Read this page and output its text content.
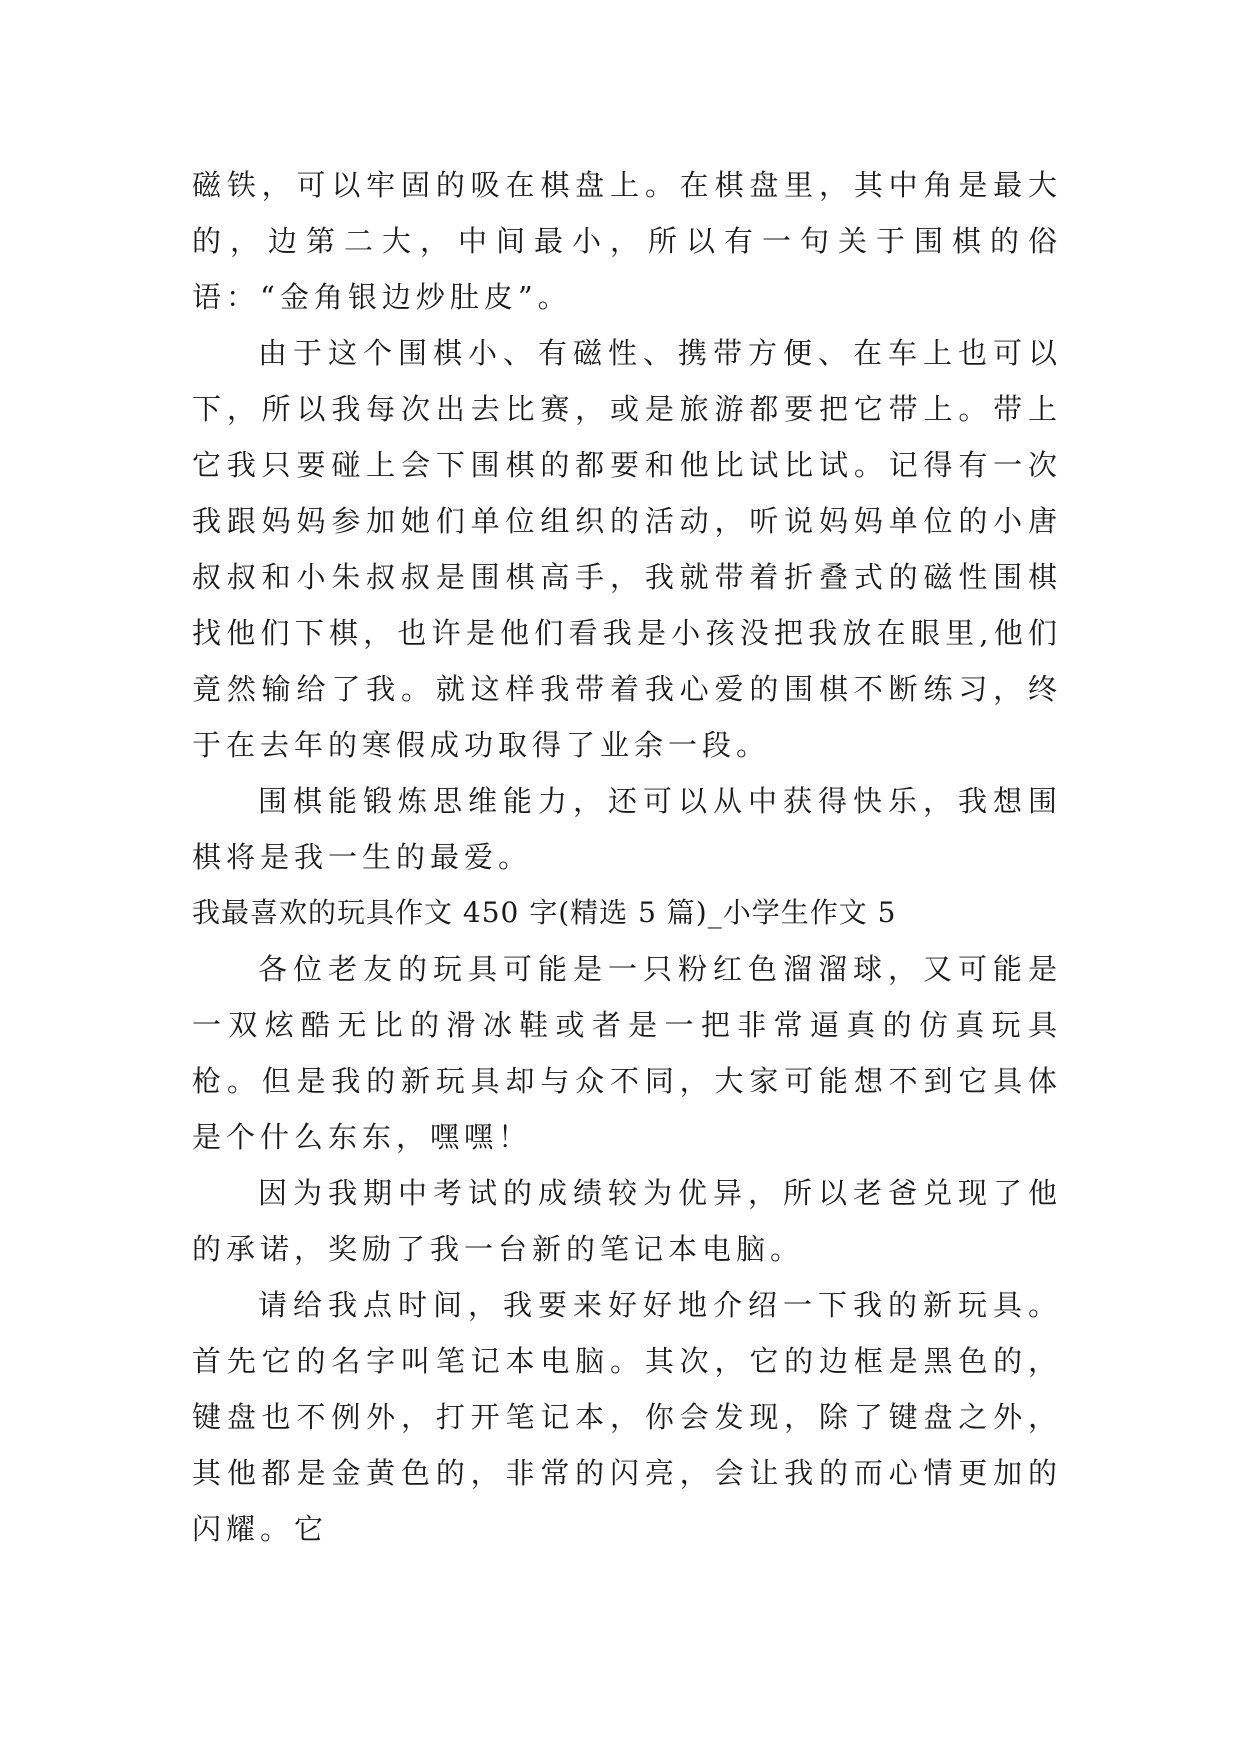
磁铁，可以牢固的吸在棋盘上。在棋盘里，其中角是最大的，边第二大，中间最小，所以有一句关于围棋的俗语：“金角银边炒肚皮”。

由于这个围棋小、有磁性、携带方便、在车上也可以下，所以我每次出去比赛，或是旅游都要把它带上。带上它我只要碰上会下围棋的都要和他比试比试。记得有一次我跟妈妈参加她们单位组织的活动，听说妈妈单位的小唐叔叔和小朱叔叔是围棋高手，我就带着折叠式的磁性围棋找他们下棋，也许是他们看我是小孩没把我放在眼里,他们竟然输给了我。就这样我带着我心爱的围棋不断练习，终于在去年的寒假成功取得了业余一段。

围棋能锻炼思维能力，还可以从中获得快乐，我想围棋将是我一生的最爱。

我最喜欢的玩具作文 450 字(精选 5 篇)_小学生作文 5

各位老友的玩具可能是一只粉红色溜溜球，又可能是一双炫酷无比的滑冰鞋或者是一把非常逼真的仿真玩具枪。但是我的新玩具却与众不同，大家可能想不到它具体是个什么东东，嘿嘿！

因为我期中考试的成绩较为优异，所以老爸兑现了他的承诺，奖励了我一台新的笔记本电脑。

请给我点时间，我要来好好地介绍一下我的新玩具。首先它的名字叫笔记本电脑。其次，它的边框是黑色的，键盘也不例外，打开笔记本，你会发现，除了键盘之外，其他都是金黄色的，非常的闪亮，会让我的而心情更加的闪耀。它
